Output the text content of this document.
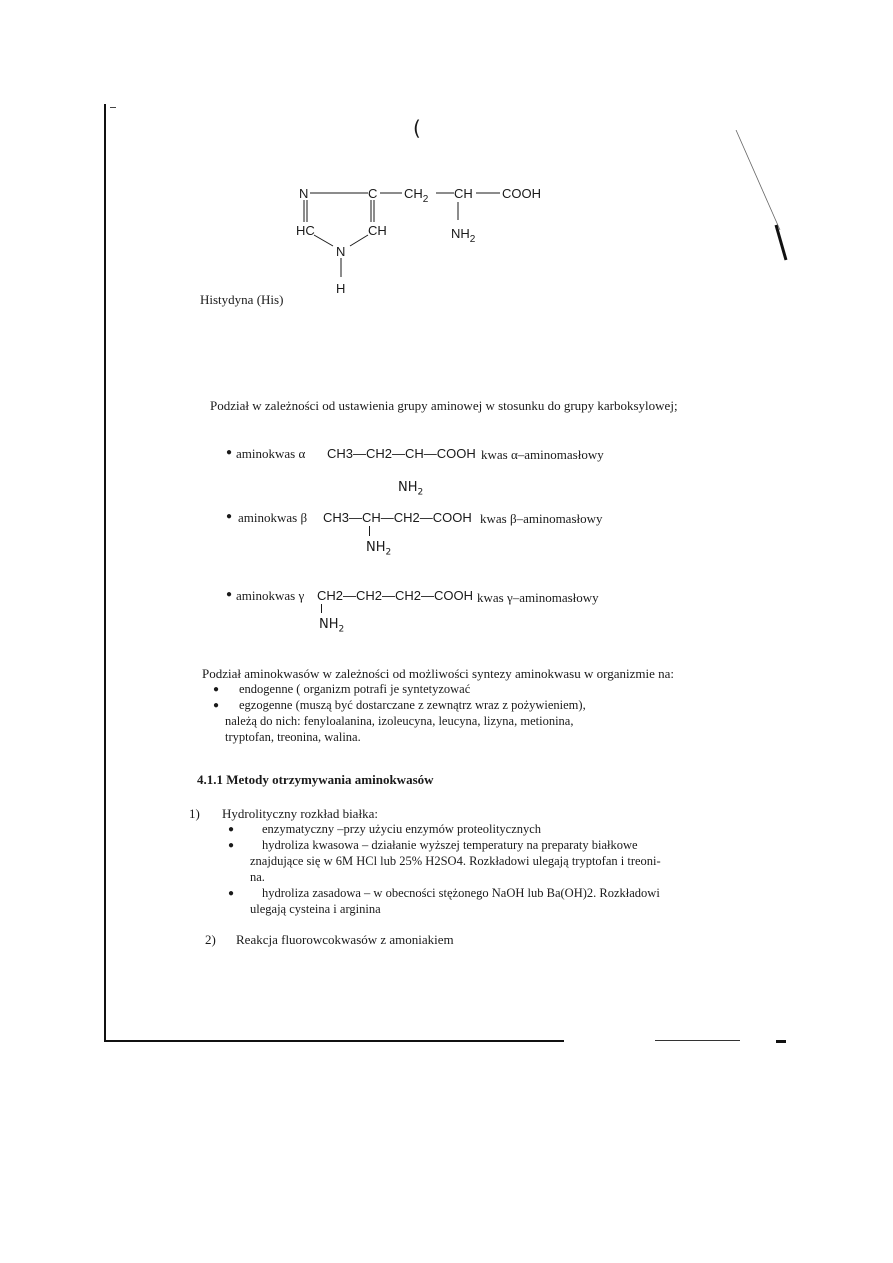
(
N	C $CH_2$ CH COOH
HC	CH	$NH_2$
N
H
Histydyna (His)
Podział w zależności od ustawienia grupy aminowej w stosunku do grupy karboksylowej;
● aminokwas α CH3—CH2—CH—COOH kwas α–aminomasłowy
$NH_2$
● aminokwas β CH3—CH—CH2—COOH kwas β–aminomasłowy
$NH_2$
● aminokwas γ CH2—CH2—CH2—COOH kwas γ–aminomasłowy
$NH_2$
Podział aminokwasów w zależności od możliwości syntezy aminokwasu w organizmie na:
● endogenne ( organizm potrafi je syntetyzować
● egzogenne (muszą być dostarczane z zewnątrz wraz z pożywieniem),
należą do nich: fenyloalanina, izoleucyna, leucyna, lizyna, metionina,
tryptofan, treonina, walina.
4.1.1 Metody otrzymywania aminokwasów
1) Hydrolityczny rozkład białka:
● enzymatyczny –przy użyciu enzymów proteolitycznych
● hydroliza kwasowa – działanie wyższej temperatury na preparaty białkowe
znajdujące się w 6M HCl lub 25% H2SO4. Rozkładowi ulegają tryptofan i treoni-
na.
● hydroliza zasadowa – w obecności stężonego NaOH lub Ba(OH)2. Rozkładowi
ulegają cysteina i arginina
2) Reakcja fluorowcokwasów z amoniakiem
